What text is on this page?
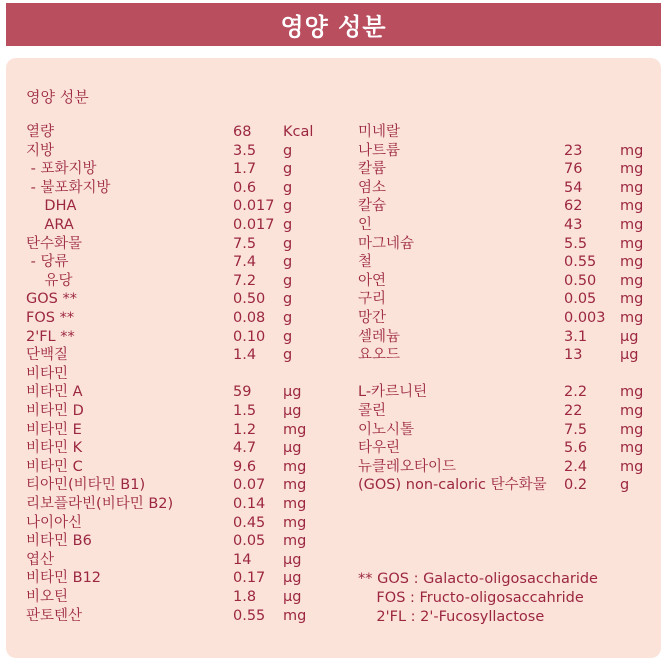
영양 성분
영양 성분
열량	68 Kcal
지방	3.5 g
- 포화지방	1.7 g
- 불포화지방	0.6 g
DHA	0.017 g
ARA	0.017 g
탄수화물	7.5 g
- 당류	7.4 g
유당	7.2 g
GOS **	0.50 g
FOS **	0.08 g
2'FL **	0.10 g
단백질	1.4 g
비타민
비타민 A	59 μg
비타민 D	1.5 μg
비타민 E	1.2 mg
비타민 K	4.7 μg
비타민 C	9.6 mg
티아민(비타민 B1)	0.07 mg
리보플라빈(비타민 B2)	0.14 mg
나이아신	0.45 mg
비타민 B6	0.05 mg
엽산	14 μg
비타민 B12	0.17 μg
비오틴	1.8 μg
판토텐산	0.55 mg
미네랄
나트륨	23	mg
칼륨	76	mg
염소	54	mg
칼슘	62	mg
인	43	mg
마그네슘	5.5 mg
철	0.55 mg
아연	0.50 mg
구리	0.05 mg
망간	0.003 mg
셀레늄	3.1 μg
요오드	13	μg
L-카르니틴	2.2 mg
콜린	22	mg
이노시톨	7.5 mg
타우린	5.6 mg
뉴클레오타이드	2.4 mg
(GOS) non-caloric 탄수화물 0.2 g
** GOS : Galacto-oligosaccharide
FOS : Fructo-oligosaccahride
2'FL : 2'-Fucosyllactose
